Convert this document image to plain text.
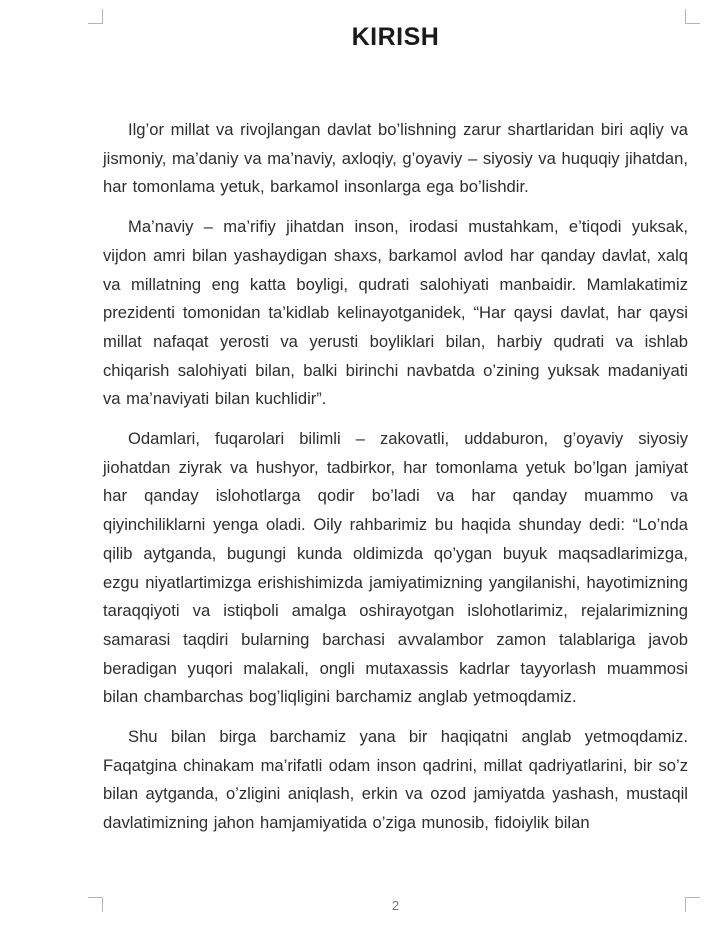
KIRISH

Ilg’or millat va rivojlangan davlat bo’lishning zarur shartlaridan biri aqliy va jismoniy, ma’daniy va ma’naviy, axloqiy, g’oyaviy – siyosiy va huquqiy jihatdan, har tomonlama yetuk, barkamol insonlarga ega bo’lishdir.

Ma’naviy – ma’rifiy jihatdan inson, irodasi mustahkam, e’tiqodi yuksak, vijdon amri bilan yashaydigan shaxs, barkamol avlod har qanday davlat, xalq va millatning eng katta boyligi, qudrati salohiyati manbaidir. Mamlakatimiz prezidenti tomonidan ta’kidlab kelinayotganidek, “Har qaysi davlat, har qaysi millat nafaqat yerosti va yerusti boyliklari bilan, harbiy qudrati va ishlab chiqarish salohiyati bilan, balki birinchi navbatda o’zining yuksak madaniyati va ma’naviyati bilan kuchlidir”.

Odamlari, fuqarolari bilimli – zakovatli, uddaburon, g’oyaviy siyosiy jiohatdan ziyrak va hushyor, tadbirkor, har tomonlama yetuk bo’lgan jamiyat har qanday islohotlarga qodir bo’ladi va har qanday muammo va qiyinchiliklarni yenga oladi. Oily rahbarimiz bu haqida shunday dedi: “Lo’nda qilib aytganda, bugungi kunda oldimizda qo’ygan buyuk maqsadlarimizga, ezgu niyatlartimizga erishishimizda jamiyatimizning yangilanishi, hayotimizning taraqqiyoti va istiqboli amalga oshirayotgan islohotlarimiz, rejalarimizning samarasi taqdiri bularning barchasi avvalambor zamon talablariga javob beradigan yuqori malakali, ongli mutaxassis kadrlar tayyorlash muammosi bilan chambarchas bog’liqligini barchamiz anglab yetmoqdamiz.

Shu bilan birga barchamiz yana bir haqiqatni anglab yetmoqdamiz. Faqatgina chinakam ma’rifatli odam inson qadrini, millat qadriyatlarini, bir so’z bilan aytganda, o’zligini aniqlash, erkin va ozod jamiyatda yashash, mustaqil davlatimizning jahon hamjamiyatida o’ziga munosib, fidoiylik bilan

2
